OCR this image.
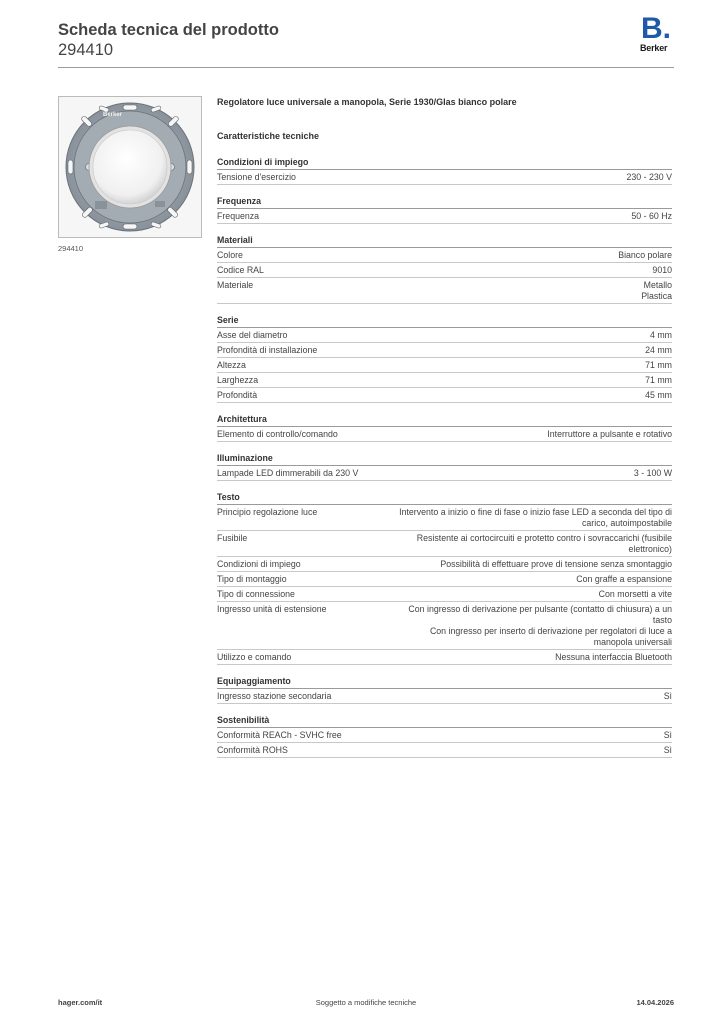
Scheda tecnica del prodotto
294410
B.
Berker
Berker
294410
Regolatore luce universale a manopola, Serie 1930/Glas bianco polare
Caratteristiche tecniche
Condizioni di impiego
Tensione d'esercizio	230 - 230 V
Frequenza
Frequenza	50 - 60 Hz
Materiali
Colore	Bianco polare
Codice RAL	9010
Materiale	Metallo
Plastica
Serie
Asse del diametro	4 mm
Profondità di installazione	24 mm
Altezza	71 mm
Larghezza	71 mm
Profondità	45 mm
Architettura
Elemento di controllo/comando	Interruttore a pulsante e rotativo
Illuminazione
Lampade LED dimmerabili da 230 V	3 - 100 W
Testo
Principio regolazione luce	Intervento a inizio o fine di fase o inizio fase LED a seconda del tipo di
carico, autoimpostabile
Fusibile	Resistente ai cortocircuiti e protetto contro i sovraccarichi (fusibile
elettronico)
Condizioni di impiego	Possibilità di effettuare prove di tensione senza smontaggio
Tipo di montaggio	Con graffe a espansione
Tipo di connessione	Con morsetti a vite
Ingresso unità di estensione	Con ingresso di derivazione per pulsante (contatto di chiusura) a un
tasto
Con ingresso per inserto di derivazione per regolatori di luce a
manopola universali
Utilizzo e comando	Nessuna interfaccia Bluetooth
Equipaggiamento
Ingresso stazione secondaria	Sì
Sostenibilità
Conformità REACh - SVHC free	Sì
Conformità ROHS	Sì
Soggetto a modifiche tecniche
hager.com/it	14.04.2026
